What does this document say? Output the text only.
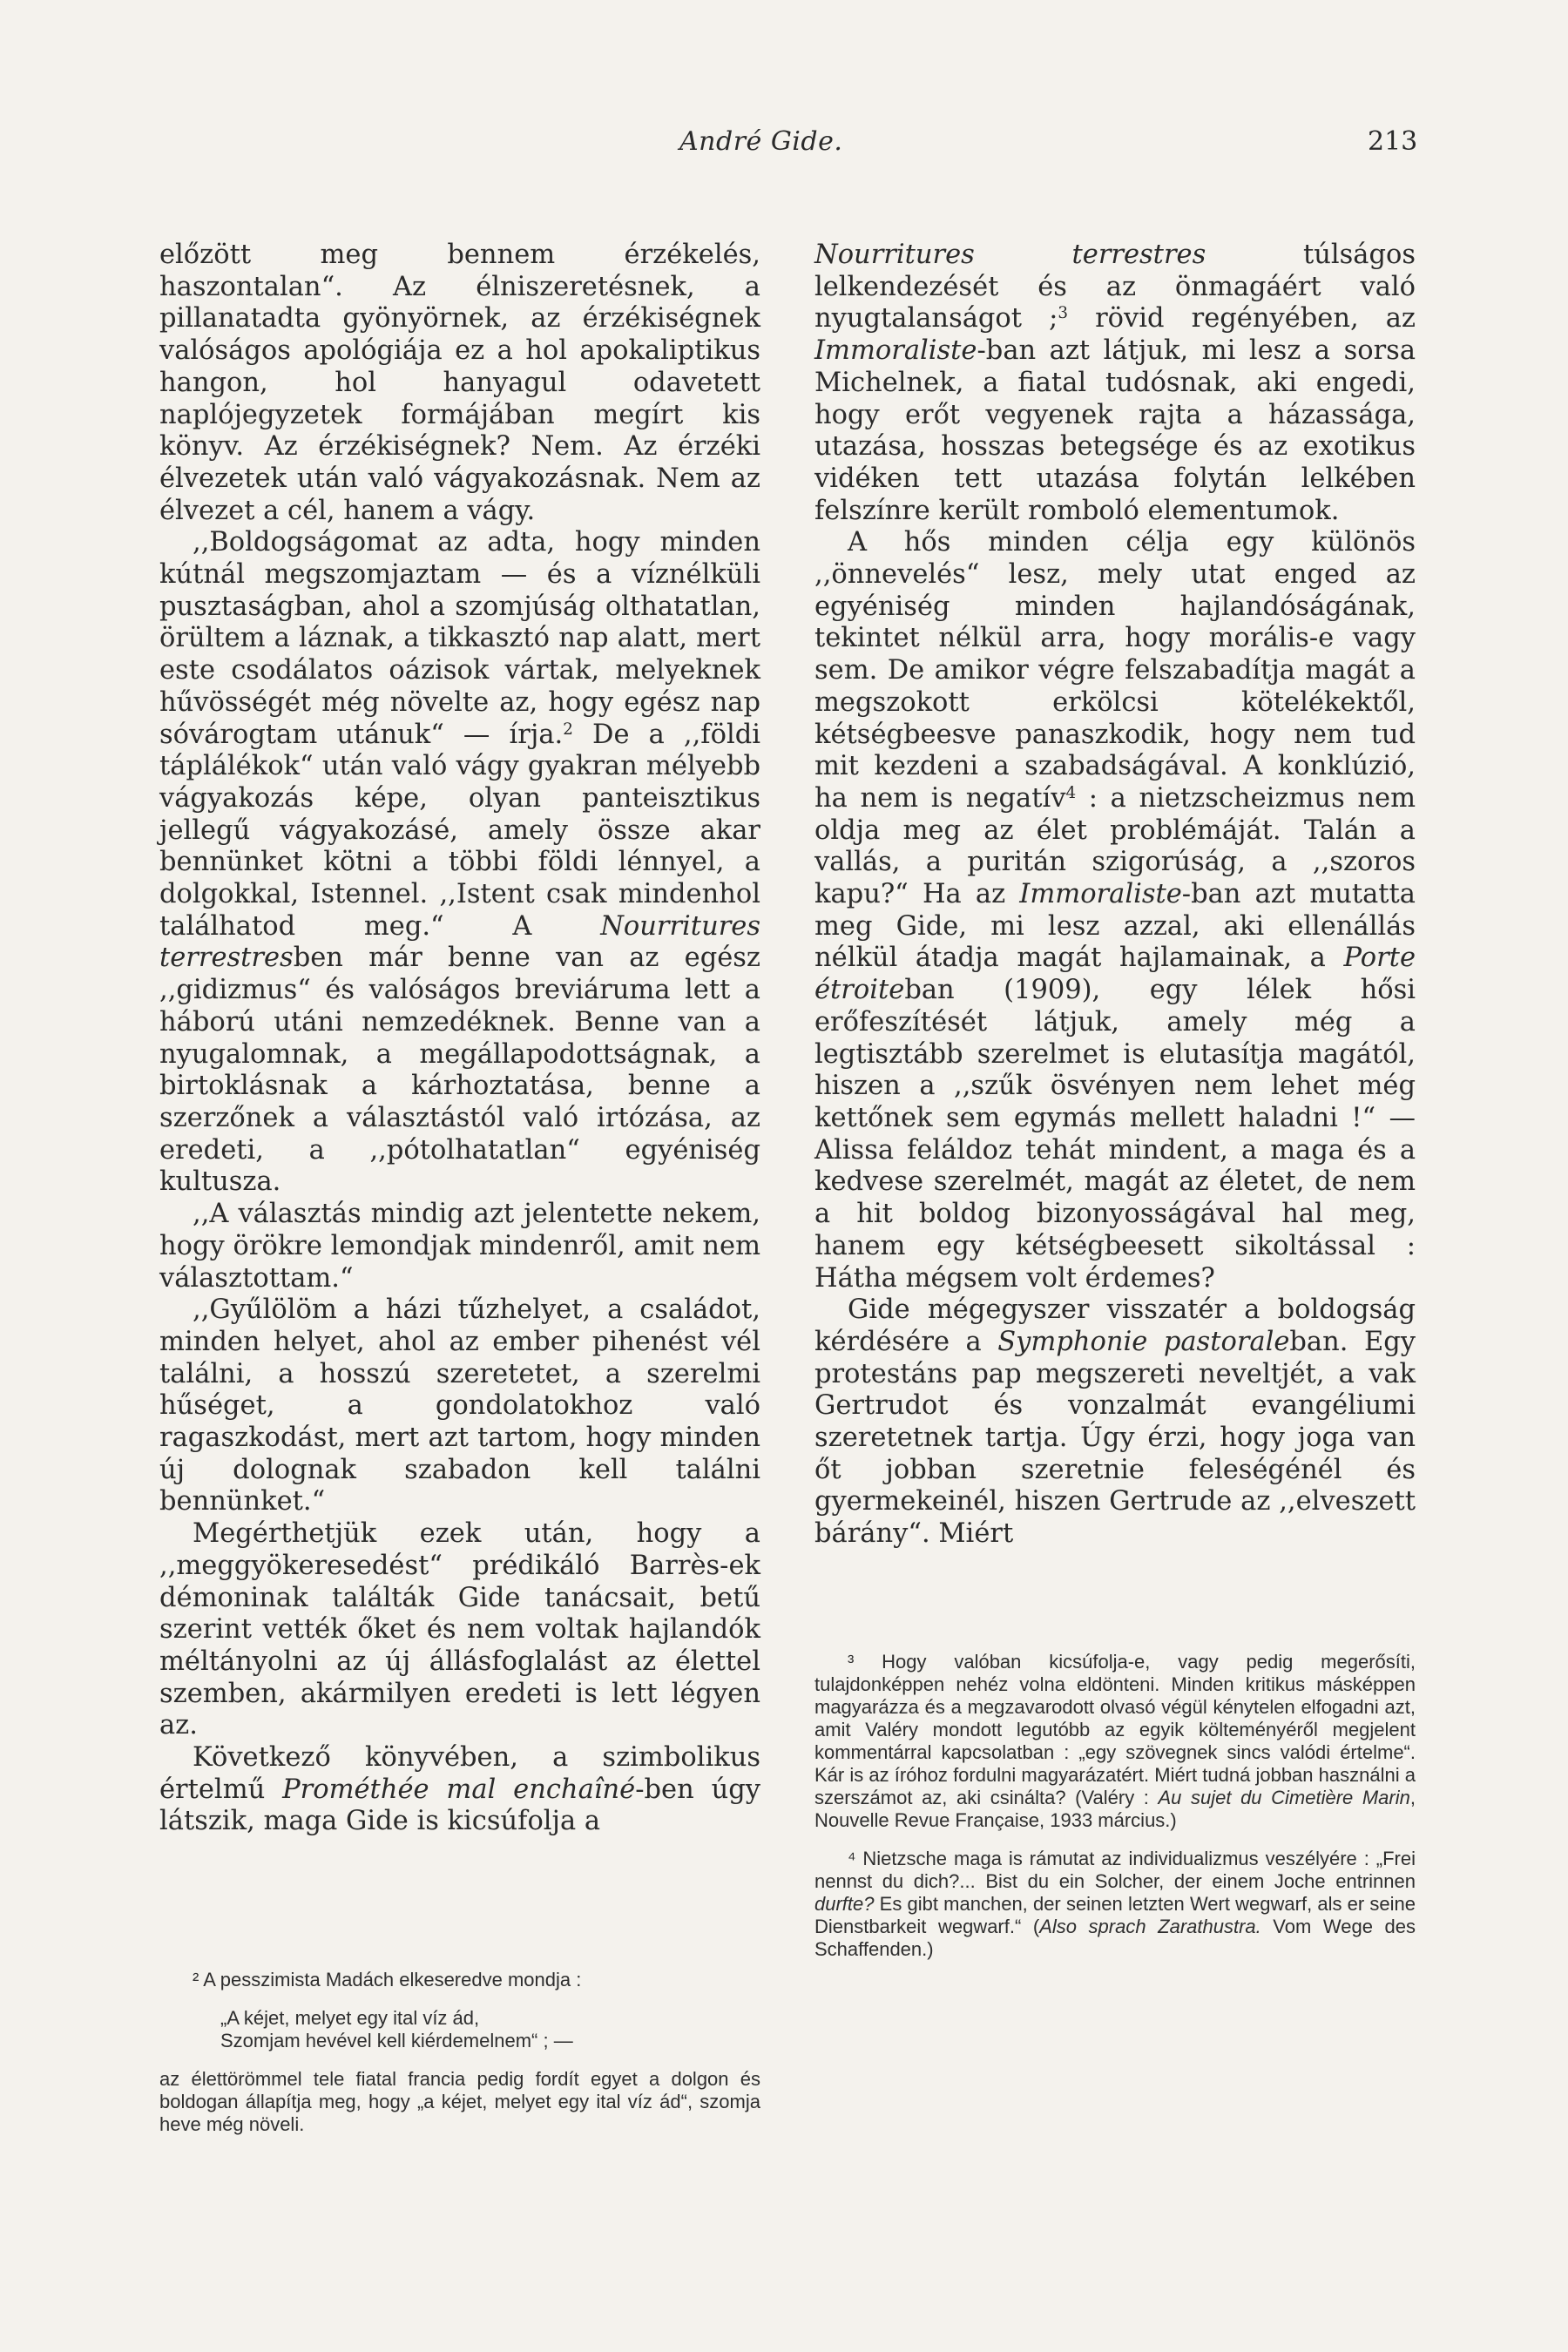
André Gide.	213

előzött meg bennem érzékelés, haszontalan“. Az élniszeretésnek, a pillanatadta gyönyörnek, az érzékiségnek valóságos apológiája ez a hol apokaliptikus hangon, hol hanyagul odavetett naplójegyzetek formájában megírt kis könyv. Az érzékiségnek? Nem. Az érzéki élvezetek után való vágyakozásnak. Nem az élvezet a cél, hanem a vágy.

,,Boldogságomat az adta, hogy minden kútnál megszomjaztam — és a víznélküli pusztaságban, ahol a szomjúság olthatatlan, örültem a láznak, a tikkasztó nap alatt, mert este csodálatos oázisok vártak, melyeknek hűvösségét még növelte az, hogy egész nap sóvárogtam utánuk“ — írja.$^2$ De a ,,földi táplálékok“ után való vágy gyakran mélyebb vágyakozás képe, olyan panteisztikus jellegű vágyakozásé, amely össze akar bennünket kötni a többi földi lénnyel, a dolgokkal, Istennel. ,,Istent csak mindenhol találhatod meg.“ A Nourritures terrestresben már benne van az egész ,,gidizmus“ és valóságos breviáruma lett a háború utáni nemzedéknek. Benne van a nyugalomnak, a megállapodottságnak, a birtoklásnak a kárhoztatása, benne a szerzőnek a választástól való irtózása, az eredeti, a ,,pótolhatatlan“ egyéniség kultusza.

,,A választás mindig azt jelentette nekem, hogy örökre lemondjak mindenről, amit nem választottam.“

,,Gyűlölöm a házi tűzhelyet, a családot, minden helyet, ahol az ember pihenést vél találni, a hosszú szeretetet, a szerelmi hűséget, a gondolatokhoz való ragaszkodást, mert azt tartom, hogy minden új dolognak szabadon kell találni bennünket.“

Megérthetjük ezek után, hogy a ,,meggyökeresedést“ prédikáló Barrès-ek démoninak találták Gide tanácsait, betű szerint vették őket és nem voltak hajlandók méltányolni az új állásfoglalást az élettel szemben, akármilyen eredeti is lett légyen az.

Következő könyvében, a szimbolikus értelmű Prométhée mal enchaîné-ben úgy látszik, maga Gide is kicsúfolja a

Nourritures terrestres túlságos lelkendezését és az önmagáért való nyugtalanságot ;$^3$ rövid regényében, az Immoraliste-ban azt látjuk, mi lesz a sorsa Michelnek, a fiatal tudósnak, aki engedi, hogy erőt vegyenek rajta a házassága, utazása, hosszas betegsége és az exotikus vidéken tett utazása folytán lelkében felszínre került romboló elementumok.

A hős minden célja egy különös ,,önnevelés“ lesz, mely utat enged az egyéniség minden hajlandóságának, tekintet nélkül arra, hogy morális-e vagy sem. De amikor végre felszabadítja magát a megszokott erkölcsi kötelékektől, kétségbeesve panaszkodik, hogy nem tud mit kezdeni a szabadságával. A konklúzió, ha nem is negatív$^4$ : a nietzscheizmus nem oldja meg az élet problémáját. Talán a vallás, a puritán szigorúság, a ,,szoros kapu?“ Ha az Immoraliste-ban azt mutatta meg Gide, mi lesz azzal, aki ellenállás nélkül átadja magát hajlamainak, a Porte étroiteban (1909), egy lélek hősi erőfeszítését látjuk, amely még a legtisztább szerelmet is elutasítja magától, hiszen a ,,szűk ösvényen nem lehet még kettőnek sem egymás mellett haladni !“ — Alissa feláldoz tehát mindent, a maga és a kedvese szerelmét, magát az életet, de nem a hit boldog bizonyosságával hal meg, hanem egy kétségbeesett sikoltással : Hátha mégsem volt érdemes?

Gide mégegyszer visszatér a boldogság kérdésére a Symphonie pastoraleban. Egy protestáns pap megszereti neveltjét, a vak Gertrudot és vonzalmát evangéliumi szeretetnek tartja. Úgy érzi, hogy joga van őt jobban szeretnie feleségénél és gyermekeinél, hiszen Gertrude az ,,elveszett bárány“. Miért

³ Hogy valóban kicsúfolja-e, vagy pedig megerősíti, tulajdonképpen nehéz volna eldönteni. Minden kritikus másképpen magyarázza és a megzavarodott olvasó végül kénytelen elfogadni azt, amit Valéry mondott legutóbb az egyik költeményéről megjelent kommentárral kapcsolatban : „egy szövegnek sincs valódi értelme“. Kár is az íróhoz fordulni magyarázatért. Miért tudná jobban használni a szerszámot az, aki csinálta? (Valéry : Au sujet du Cimetière Marin, Nouvelle Revue Française, 1933 március.)

⁴ Nietzsche maga is rámutat az individualizmus veszélyére : „Frei nennst du dich?... Bist du ein Solcher, der einem Joche entrinnen durfte? Es gibt manchen, der seinen letzten Wert wegwarf, als er seine Dienstbarkeit wegwarf.“ (Also sprach Zarathustra. Vom Wege des Schaffenden.)

² A pesszimista Madách elkeseredve mondja :

„A kéjet, melyet egy ital víz ád,
Szomjam hevével kell kiérdemelnem“ ; —

az élettörömmel tele fiatal francia pedig fordít egyet a dolgon és boldogan állapítja meg, hogy „a kéjet, melyet egy ital víz ád“, szomja heve még növeli.
